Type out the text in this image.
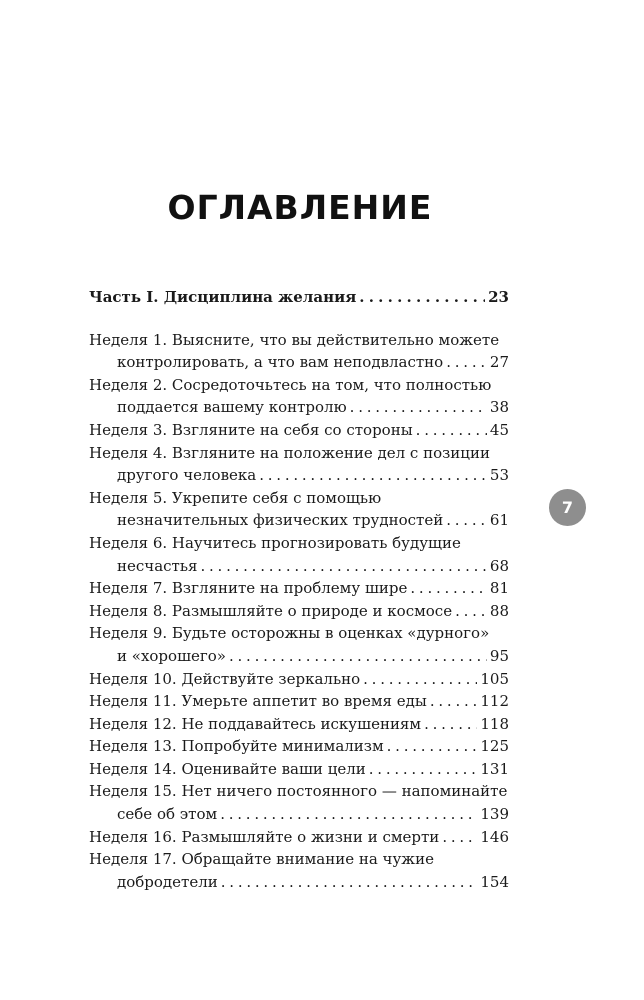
ОГЛАВЛЕНИЕ
Часть I. Дисциплина желания . . .	23
Неделя 1. Выясните, что вы действительно можете
контролировать, а что вам неподвластно . . .	27
Неделя 2. Сосредоточьтесь на том, что полностью
поддается вашему контролю . . .	38
Неделя 3. Взгляните на себя со стороны . . .	45
Неделя 4. Взгляните на положение дел с позиции
другого человека . . .	53
Неделя 5. Укрепите себя с помощью
незначительных физических трудностей . . .	61
Неделя 6. Научитесь прогнозировать будущие
несчастья . . .	68
Неделя 7. Взгляните на проблему шире . . .	81
Неделя 8. Размышляйте о природе и космосе . . .	88
Неделя 9. Будьте осторожны в оценках «дурного»
и «хорошего» . . .	95
Неделя 10. Действуйте зеркально . . .	105
Неделя 11. Умерьте аппетит во время еды . . .	112
Неделя 12. Не поддавайтесь искушениям . . .	118
Неделя 13. Попробуйте минимализм . . .	125
Неделя 14. Оценивайте ваши цели . . .	131
Неделя 15. Нет ничего постоянного — напоминайте
себе об этом . . .	139
Неделя 16. Размышляйте о жизни и смерти . . .	146
Неделя 17. Обращайте внимание на чужие
добродетели . . .	154
7
